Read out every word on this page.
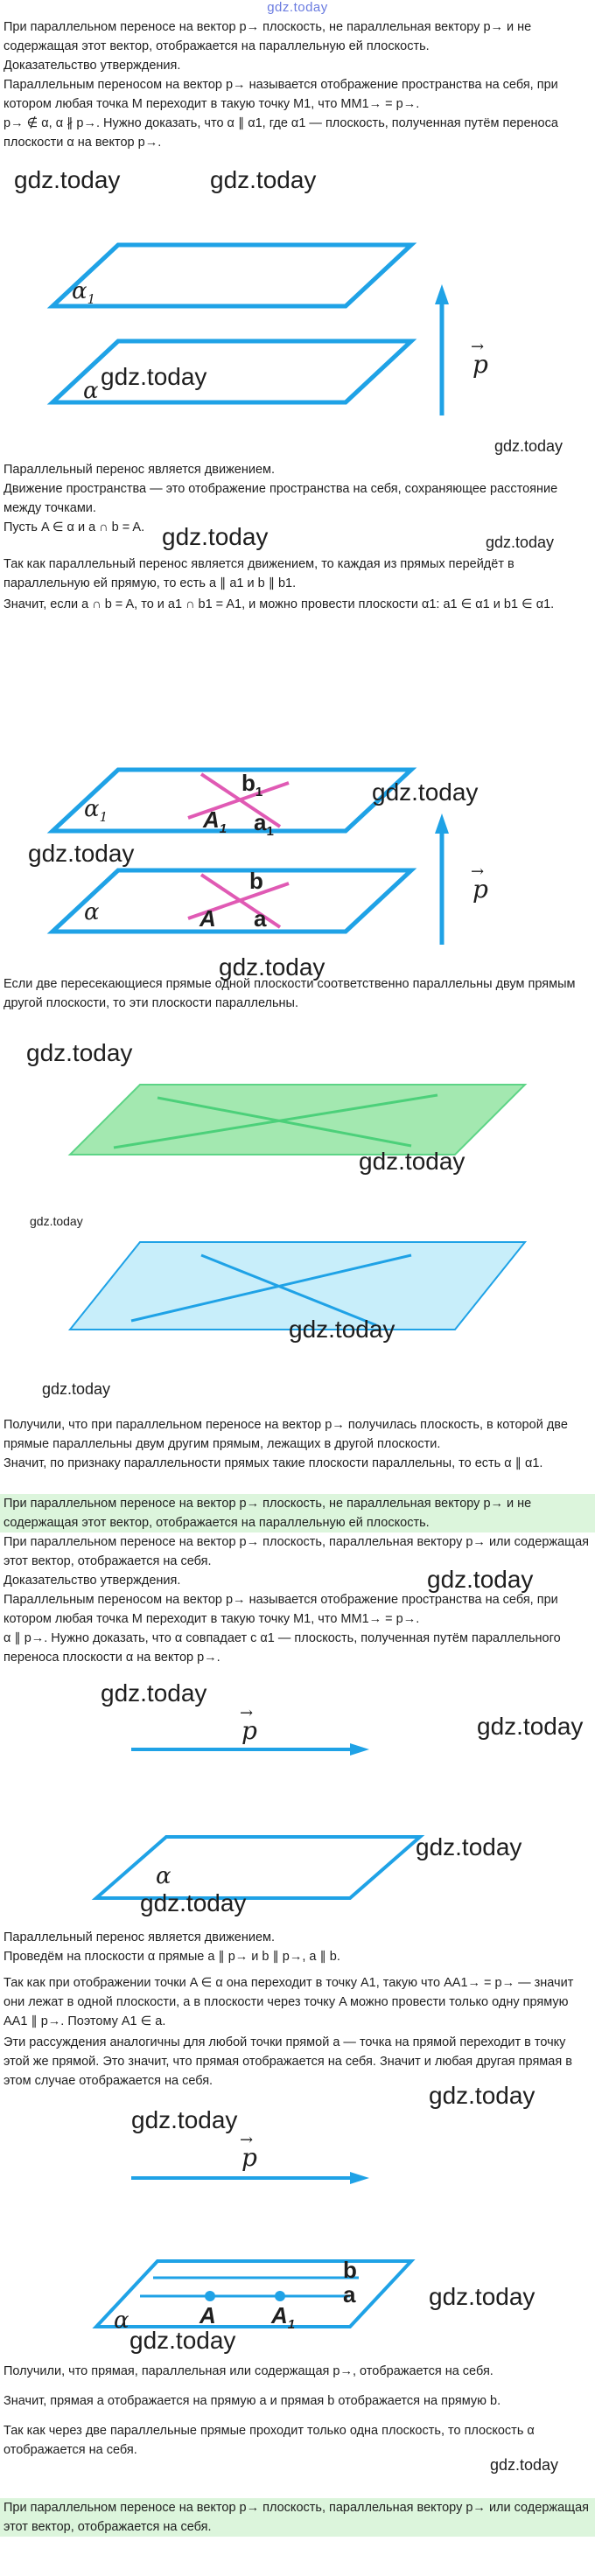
gdz.today

При параллельном переносе на вектор p→ плоскость, не параллельная вектору p→ и не содержащая этот вектор, отображается на параллельную ей плоскость.

Доказательство утверждения.

Параллельным переносом на вектор p→ называется отображение пространства на себя, при котором любая точка M переходит в такую точку M1, что MM1→ = p→.

p→ ∉ α, α ∦ p→. Нужно доказать, что α ∥ α1, где α1 — плоскость, полученная путём переноса плоскости α на вектор p→.

gdz.today	gdz.today
$\alpha_1$
α
gdz.today
→
p
gdz.today

Параллельный перенос является движением.

Движение пространства — это отображение пространства на себя, сохраняющее расстояние между точками.

Пусть A ∈ α и a ∩ b = A. gdz.today	gdz.today

Так как параллельный перенос является движением, то каждая из прямых перейдёт в параллельную ей прямую, то есть a ∥ a1 и b ∥ b1.

Значит, если a ∩ b = A, то и a1 ∩ b1 = A1, и можно провести плоскости α1: a1 ∈ α1 и b1 ∈ α1.

$\alpha_1$
$b_1$
$A_1$ $a_1$
gdz.today
gdz.today
α
b
A a
→
p
gdz.today

Если две пересекающиеся прямые одной плоскости соответственно параллельны двум прямым другой плоскости, то эти плоскости параллельны.

gdz.today
gdz.today
gdz.today
gdz.today
gdz.today

Получили, что при параллельном переносе на вектор p→ получилась плоскость, в которой две прямые параллельны двум другим прямым, лежащих в другой плоскости.

Значит, по признаку параллельности прямых такие плоскости параллельны, то есть α ∥ α1.

При параллельном переносе на вектор p→ плоскость, не параллельная вектору p→ и не содержащая этот вектор, отображается на параллельную ей плоскость.

При параллельном переносе на вектор p→ плоскость, параллельная вектору p→ или содержащая этот вектор, отображается на себя.

gdz.today

Доказательство утверждения.

Параллельным переносом на вектор p→ называется отображение пространства на себя, при котором любая точка M переходит в такую точку M1, что MM1→ = p→.

α ∥ p→. Нужно доказать, что α совпадает с α1 — плоскость, полученная путём параллельного переноса плоскости α на вектор p→.

gdz.today
→
p	gdz.today
gdz.today
α
gdz.today

Параллельный перенос является движением.

Проведём на плоскости α прямые a ∥ p→ и b ∥ p→, a ∥ b.

Так как при отображении точки A ∈ α она переходит в точку A1, такую что AA1→ = p→ — значит они лежат в одной плоскости, а в плоскости через точку A можно провести только одну прямую AA1 ∥ p→. Поэтому A1 ∈ a.

Эти рассуждения аналогичны для любой точки прямой a — точка на прямой переходит в точку этой же прямой. Это значит, что прямая отображается на себя. Значит и любая другая прямая в этом случае отображается на себя.

gdz.today
gdz.today
→
p
b
a
A $A_1$
α
gdz.today
gdz.today

Получили, что прямая, параллельная или содержащая p→, отображается на себя.

Значит, прямая a отображается на прямую a и прямая b отображается на прямую b.

Так как через две параллельные прямые проходит только одна плоскость, то плоскость α отображается на себя.

gdz.today

При параллельном переносе на вектор p→ плоскость, параллельная вектору p→ или содержащая этот вектор, отображается на себя.
